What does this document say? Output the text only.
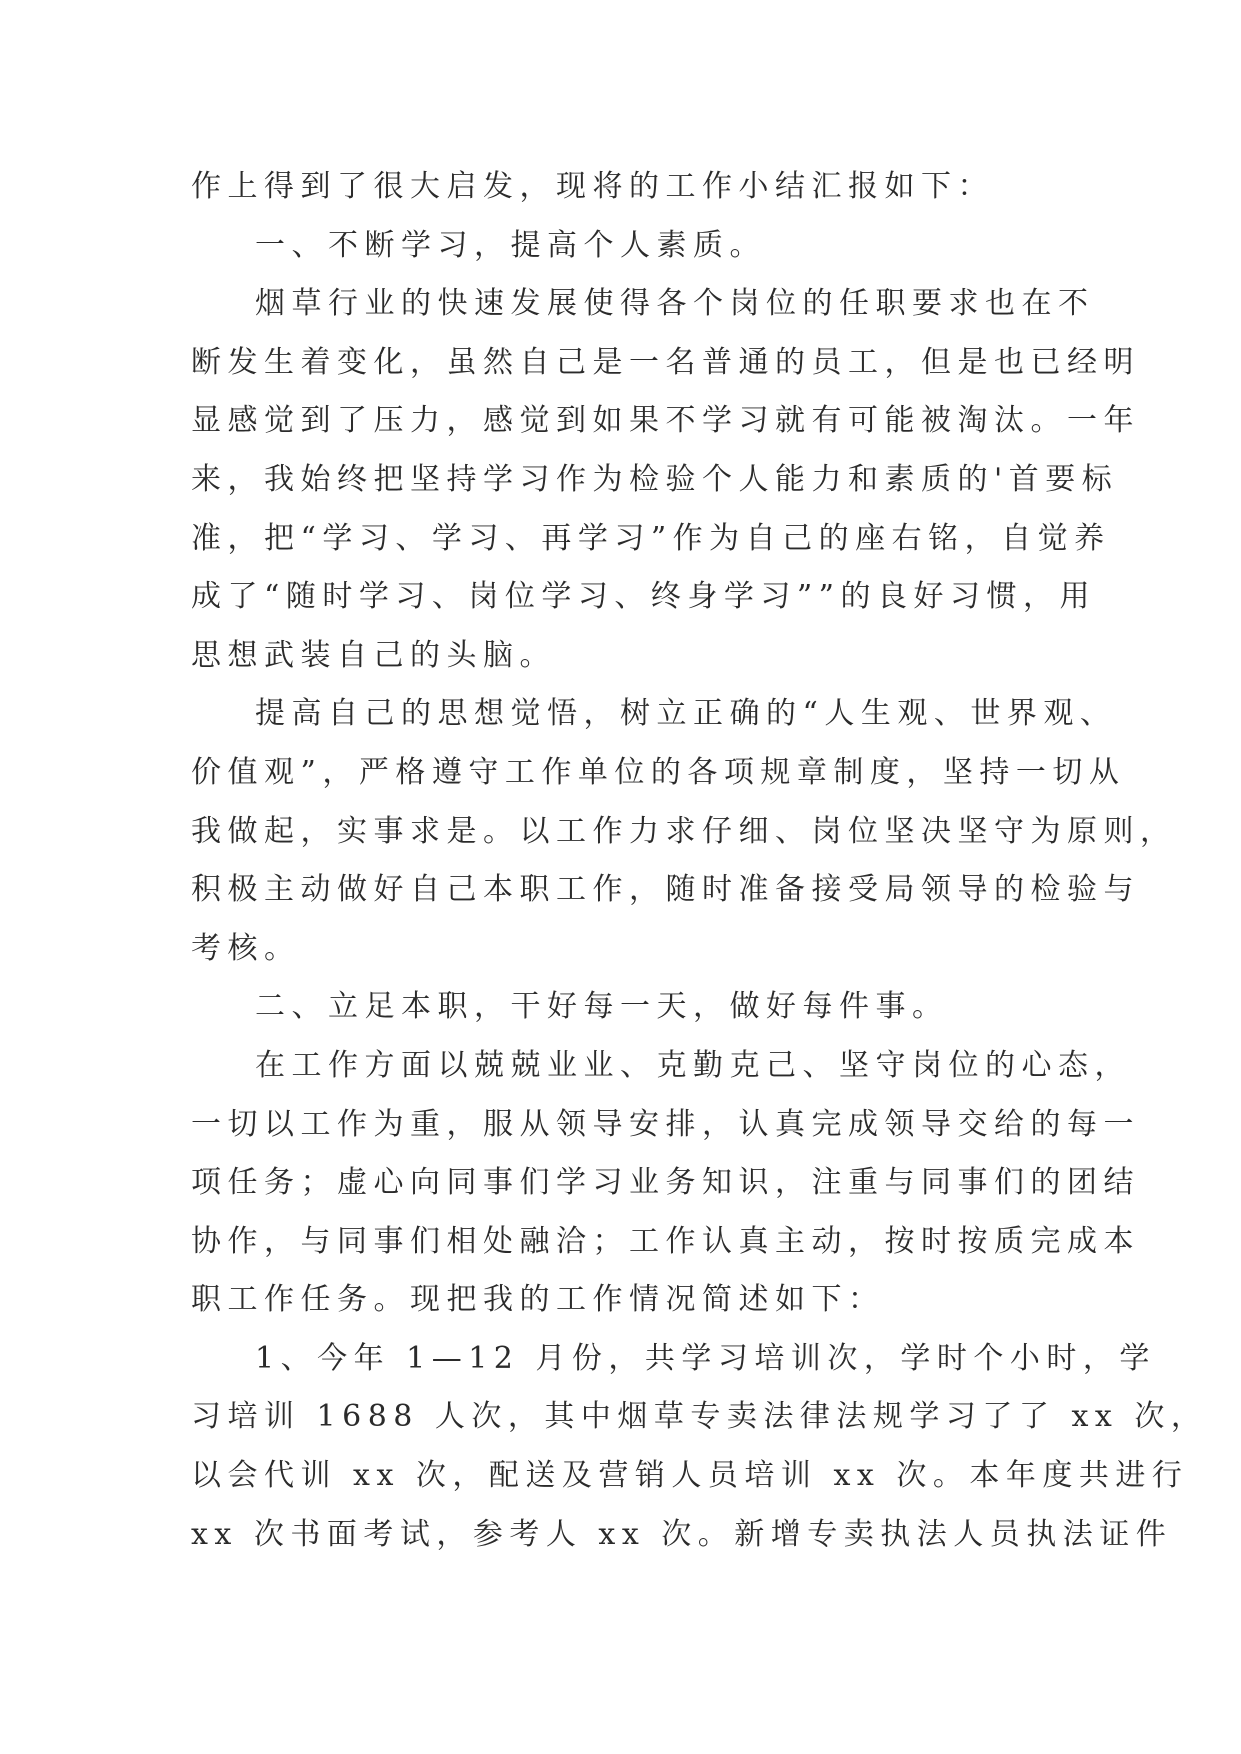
作上得到了很大启发，现将的工作小结汇报如下：
一、不断学习，提高个人素质。
烟草行业的快速发展使得各个岗位的任职要求也在不
断发生着变化，虽然自己是一名普通的员工，但是也已经明
显感觉到了压力，感觉到如果不学习就有可能被淘汰。一年
来，我始终把坚持学习作为检验个人能力和素质的'首要标
准，把“学习、学习、再学习”作为自己的座右铭，自觉养
成了“随时学习、岗位学习、终身学习””的良好习惯，用
思想武装自己的头脑。
提高自己的思想觉悟，树立正确的“人生观、世界观、
价值观”，严格遵守工作单位的各项规章制度，坚持一切从
我做起，实事求是。以工作力求仔细、岗位坚决坚守为原则，
积极主动做好自己本职工作，随时准备接受局领导的检验与
考核。
二、立足本职，干好每一天，做好每件事。
在工作方面以兢兢业业、克勤克己、坚守岗位的心态，
一切以工作为重，服从领导安排，认真完成领导交给的每一
项任务；虚心向同事们学习业务知识，注重与同事们的团结
协作，与同事们相处融洽；工作认真主动，按时按质完成本
职工作任务。现把我的工作情况简述如下：
1、今年 1—12 月份，共学习培训次，学时个小时，学
习培训 1688 人次，其中烟草专卖法律法规学习了了 xx 次，
以会代训 xx 次，配送及营销人员培训 xx 次。本年度共进行
xx 次书面考试，参考人 xx 次。新增专卖执法人员执法证件
